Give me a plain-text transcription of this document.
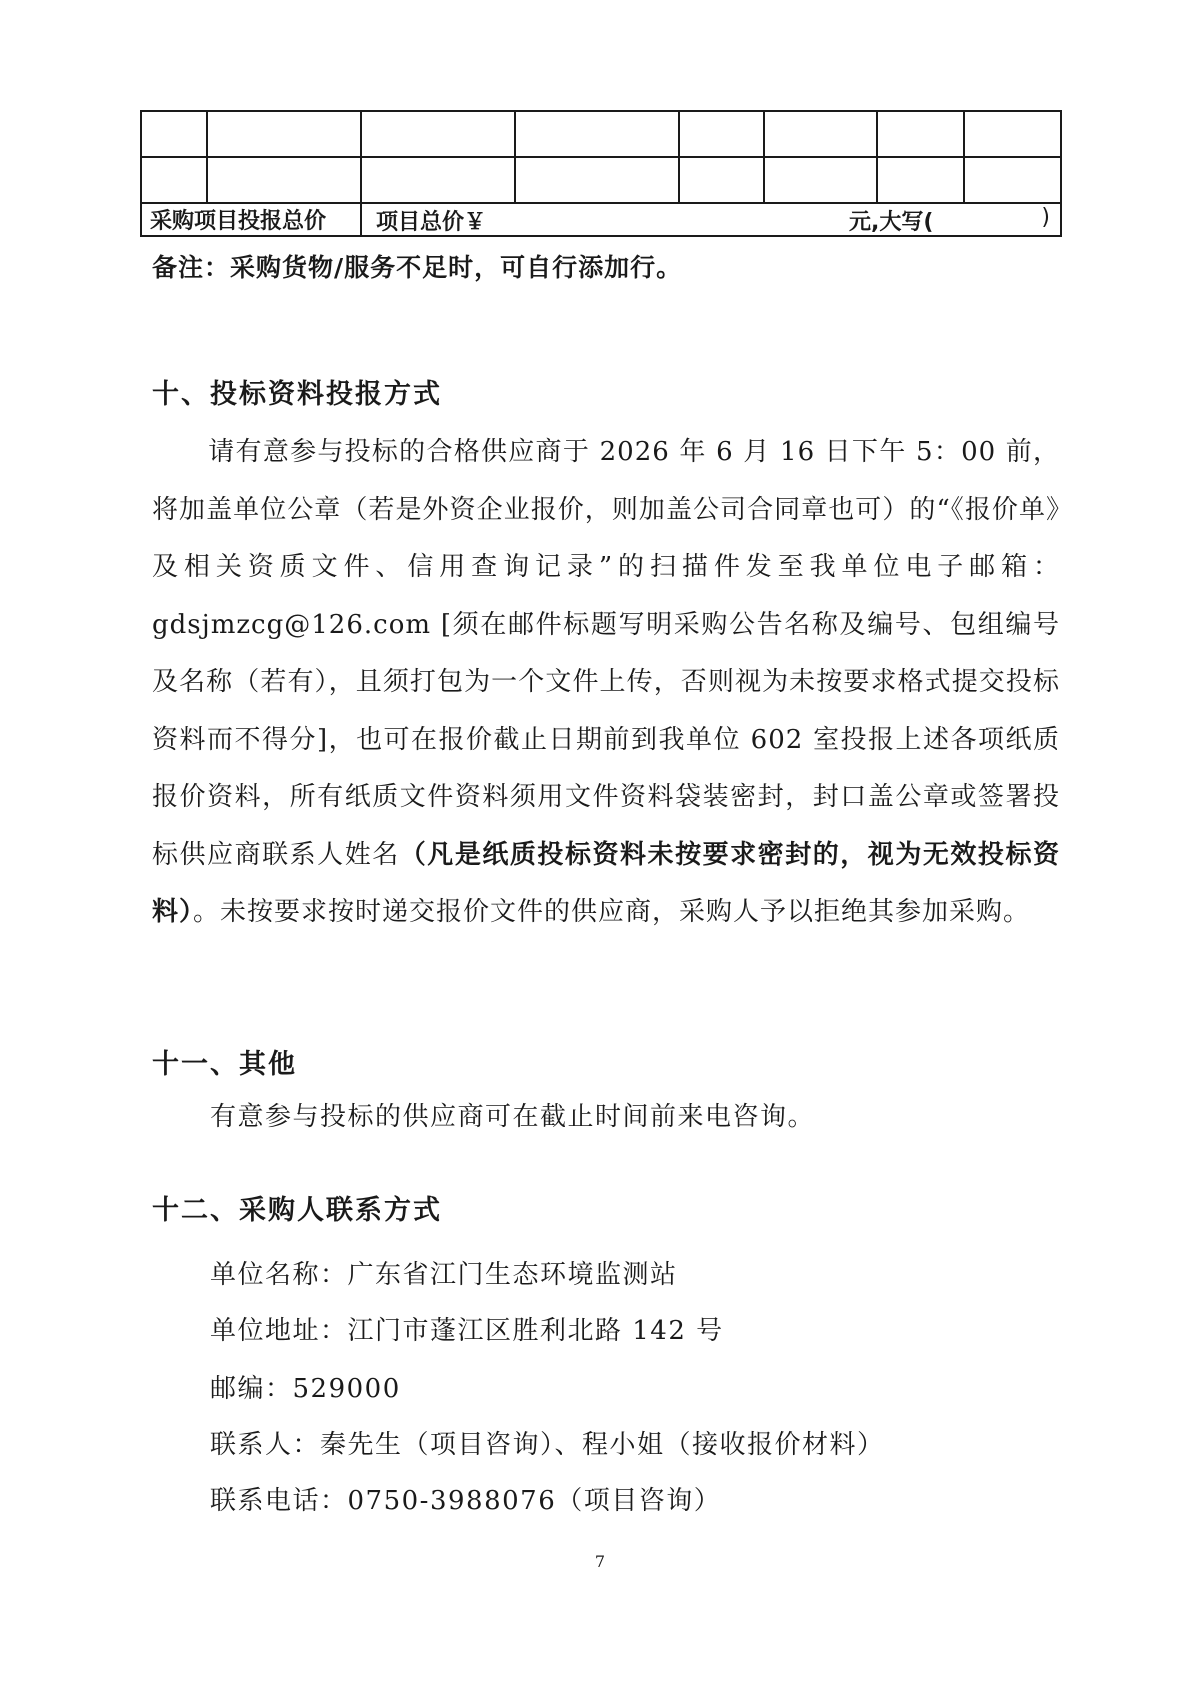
采购项目投报总价		项目总价￥ 元,大写( )					
备注：采购货物/服务不足时，可自行添加行。
十、投标资料投报方式

请有意参与投标的合格供应商于 2026 年 6 月 16 日下午 5：00 前，将加盖单位公章（若是外资企业报价，则加盖公司合同章也可）的“《报价单》及相关资质文件、信用查询记录”的扫描件发至我单位电子邮箱：gdsjmzcg@126.com [须在邮件标题写明采购公告名称及编号、包组编号及名称（若有），且须打包为一个文件上传，否则视为未按要求格式提交投标资料而不得分]，也可在报价截止日期前到我单位 602 室投报上述各项纸质报价资料，所有纸质文件资料须用文件资料袋装密封，封口盖公章或签署投标供应商联系人姓名（凡是纸质投标资料未按要求密封的，视为无效投标资料）。未按要求按时递交报价文件的供应商，采购人予以拒绝其参加采购。

十一、其他

有意参与投标的供应商可在截止时间前来电咨询。

十二、采购人联系方式

单位名称：广东省江门生态环境监测站

单位地址：江门市蓬江区胜利北路 142 号

邮编：529000

联系人：秦先生（项目咨询）、程小姐（接收报价材料）

联系电话：0750-3988076（项目咨询）

7
